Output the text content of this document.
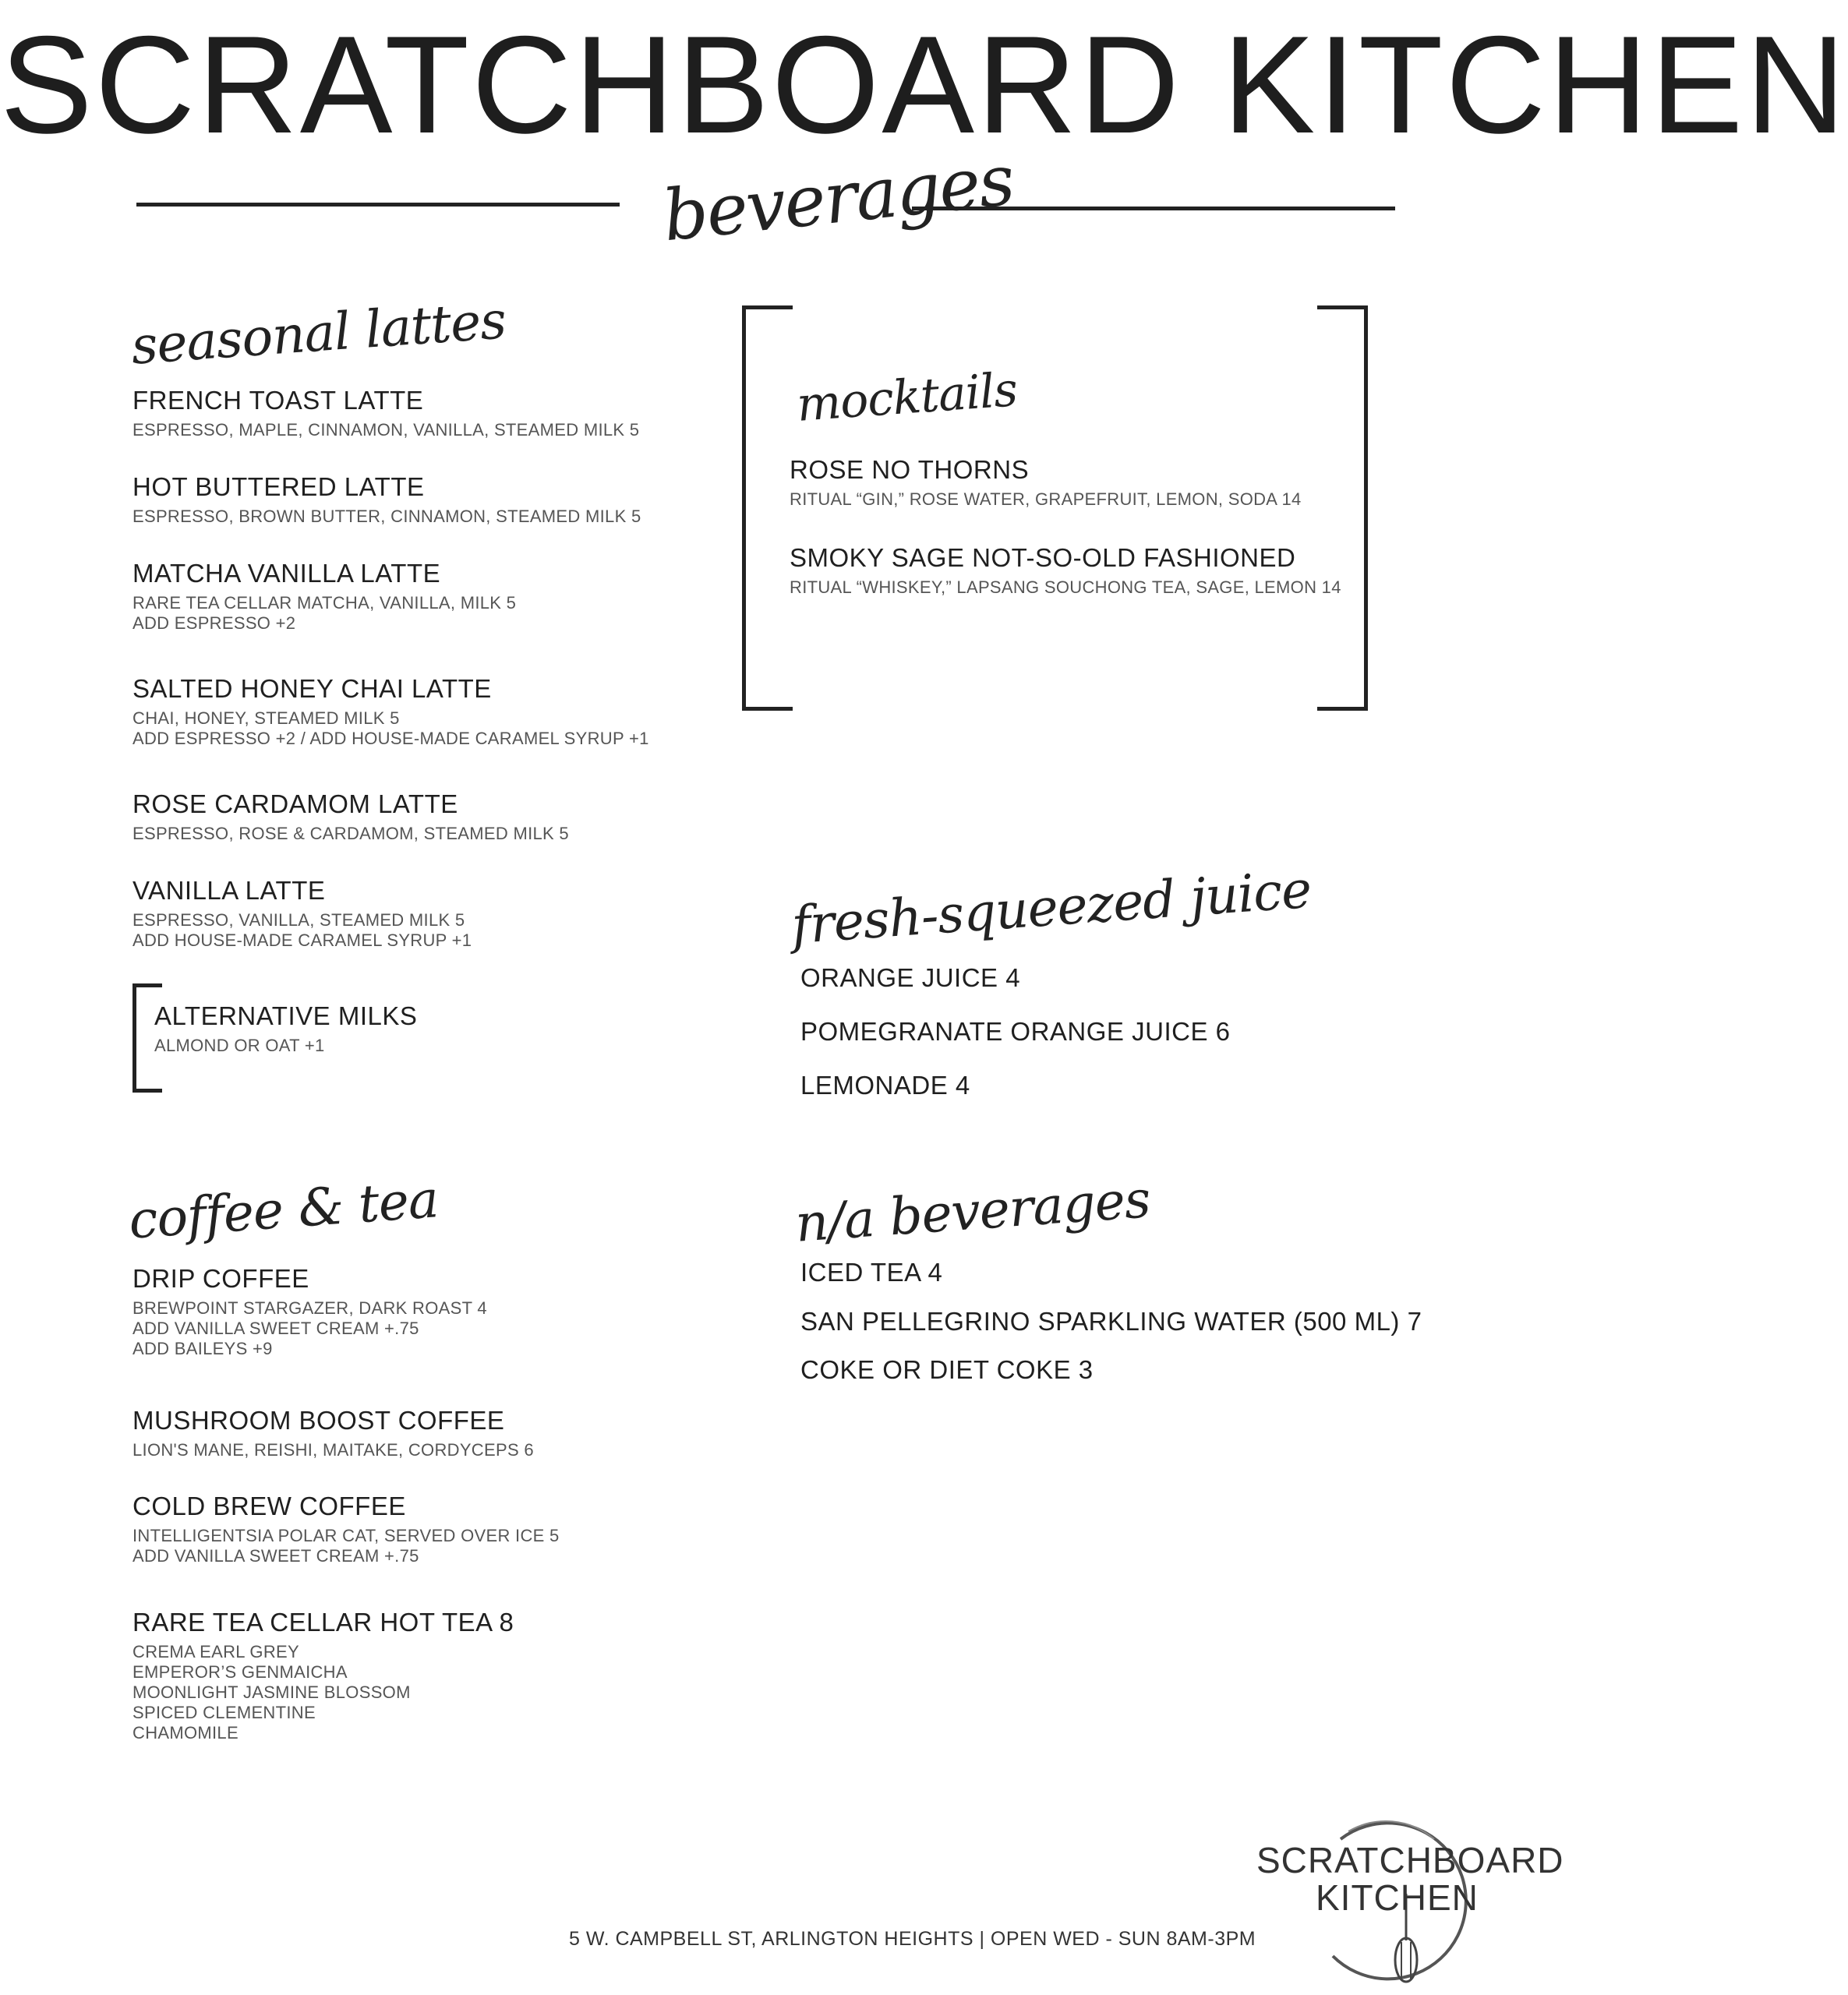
SCRATCHBOARD KITCHEN
beverages
seasonal lattes
FRENCH TOAST LATTE
ESPRESSO, MAPLE, CINNAMON, VANILLA, STEAMED MILK 5
HOT BUTTERED LATTE
ESPRESSO, BROWN BUTTER, CINNAMON, STEAMED MILK 5
MATCHA VANILLA LATTE
RARE TEA CELLAR MATCHA, VANILLA, MILK 5
ADD ESPRESSO +2
SALTED HONEY CHAI LATTE
CHAI, HONEY, STEAMED MILK 5
ADD ESPRESSO +2 / ADD HOUSE-MADE CARAMEL SYRUP +1
ROSE CARDAMOM LATTE
ESPRESSO, ROSE & CARDAMOM, STEAMED MILK 5
VANILLA LATTE
ESPRESSO, VANILLA, STEAMED MILK 5
ADD HOUSE-MADE CARAMEL SYRUP +1
ALTERNATIVE MILKS
ALMOND OR OAT +1
mocktails
ROSE NO THORNS
RITUAL “GIN,” ROSE WATER, GRAPEFRUIT, LEMON, SODA 14
SMOKY SAGE NOT-SO-OLD FASHIONED
RITUAL “WHISKEY,” LAPSANG SOUCHONG TEA, SAGE, LEMON 14
fresh-squeezed juice
ORANGE JUICE 4
POMEGRANATE ORANGE JUICE 6
LEMONADE 4
coffee & tea
DRIP COFFEE
BREWPOINT STARGAZER, DARK ROAST 4
ADD VANILLA SWEET CREAM +.75
ADD BAILEYS +9
MUSHROOM BOOST COFFEE
LION'S MANE, REISHI, MAITAKE, CORDYCEPS 6
COLD BREW COFFEE
INTELLIGENTSIA POLAR CAT, SERVED OVER ICE 5
ADD VANILLA SWEET CREAM +.75
RARE TEA CELLAR HOT TEA 8
CREMA EARL GREY
EMPEROR’S GENMAICHA
MOONLIGHT JASMINE BLOSSOM
SPICED CLEMENTINE
CHAMOMILE
n/a beverages
ICED TEA 4
SAN PELLEGRINO SPARKLING WATER (500 ML) 7
COKE OR DIET COKE 3
5 W. CAMPBELL ST, ARLINGTON HEIGHTS | OPEN WED - SUN 8AM-3PM
SCRATCHBOARD
KITCHEN
